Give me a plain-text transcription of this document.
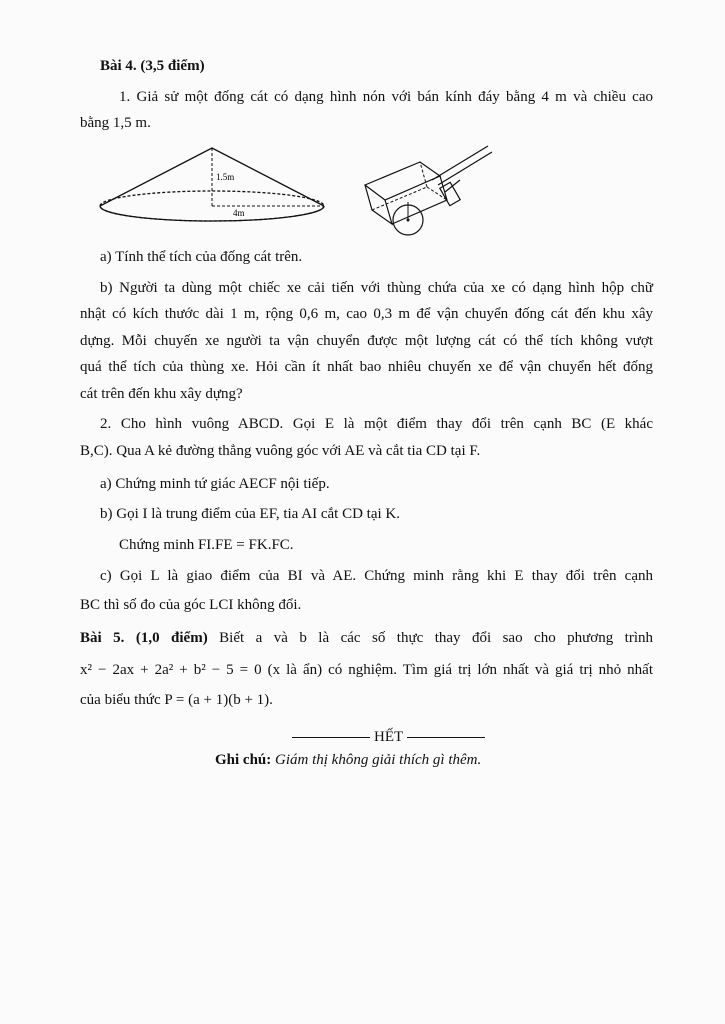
Bài 4. (3,5 điểm)
1. Giả sử một đống cát có dạng hình nón với bán kính đáy bằng 4 m và chiều cao
bằng 1,5 m.
1.5m
4m
a) Tính thể tích của đống cát trên.
b) Người ta dùng một chiếc xe cải tiến với thùng chứa của xe có dạng hình hộp chữ
nhật có kích thước dài 1 m, rộng 0,6 m, cao 0,3 m để vận chuyển đống cát đến khu xây
dựng. Mỗi chuyến xe người ta vận chuyển được một lượng cát có thể tích không vượt
quá thể tích của thùng xe. Hỏi cần ít nhất bao nhiêu chuyến xe để vận chuyển hết đống
cát trên đến khu xây dựng?
2. Cho hình vuông ABCD. Gọi E là một điểm thay đổi trên cạnh BC (E khác
B,C). Qua A kẻ đường thẳng vuông góc với AE và cắt tia CD tại F.
a) Chứng minh tứ giác AECF nội tiếp.
b) Gọi I là trung điểm của EF, tia AI cắt CD tại K.
Chứng minh FI.FE = FK.FC.
c) Gọi L là giao điểm của BI và AE. Chứng minh rằng khi E thay đổi trên cạnh
BC thì số đo của góc LCI không đổi.
Bài 5. (1,0 điểm) Biết a và b là các số thực thay đổi sao cho phương trình
x² − 2ax + 2a² + b² − 5 = 0 (x là ẩn) có nghiệm. Tìm giá trị lớn nhất và giá trị nhỏ nhất
của biểu thức P = (a + 1)(b + 1).
HẾT
Ghi chú: Giám thị không giải thích gì thêm.
